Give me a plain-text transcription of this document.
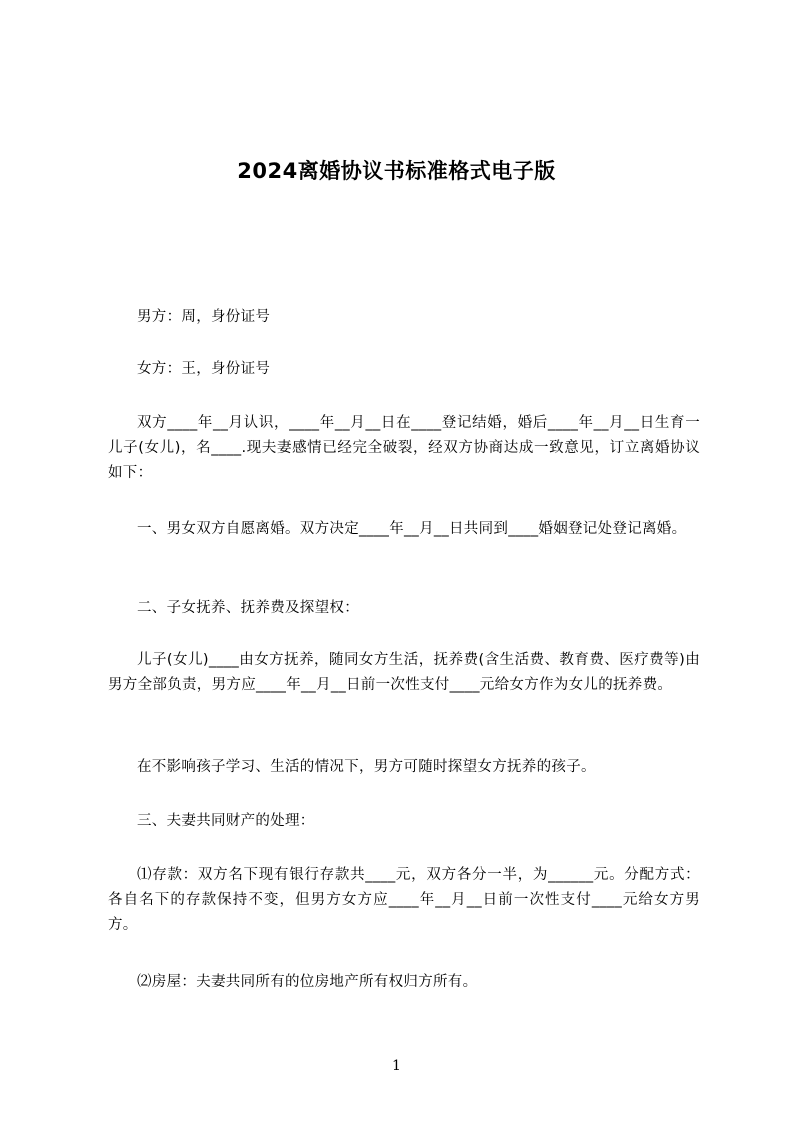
2024离婚协议书标准格式电子版

男方：周，身份证号

女方：王，身份证号

双方____年__月认识，____年__月__日在____登记结婚，婚后____年__月__日生育一儿子(女儿)，名____.现夫妻感情已经完全破裂，经双方协商达成一致意见，订立离婚协议如下：

一、男女双方自愿离婚。双方决定____年__月__日共同到____婚姻登记处登记离婚。

二、子女抚养、抚养费及探望权：

儿子(女儿)____由女方抚养，随同女方生活，抚养费(含生活费、教育费、医疗费等)由男方全部负责，男方应____年__月__日前一次性支付____元给女方作为女儿的抚养费。

在不影响孩子学习、生活的情况下，男方可随时探望女方抚养的孩子。

三、夫妻共同财产的处理：

⑴存款：双方名下现有银行存款共____元，双方各分一半，为______元。分配方式：各自名下的存款保持不变，但男方女方应____年__月__日前一次性支付____元给女方男方。

⑵房屋：夫妻共同所有的位房地产所有权归方所有。

1
